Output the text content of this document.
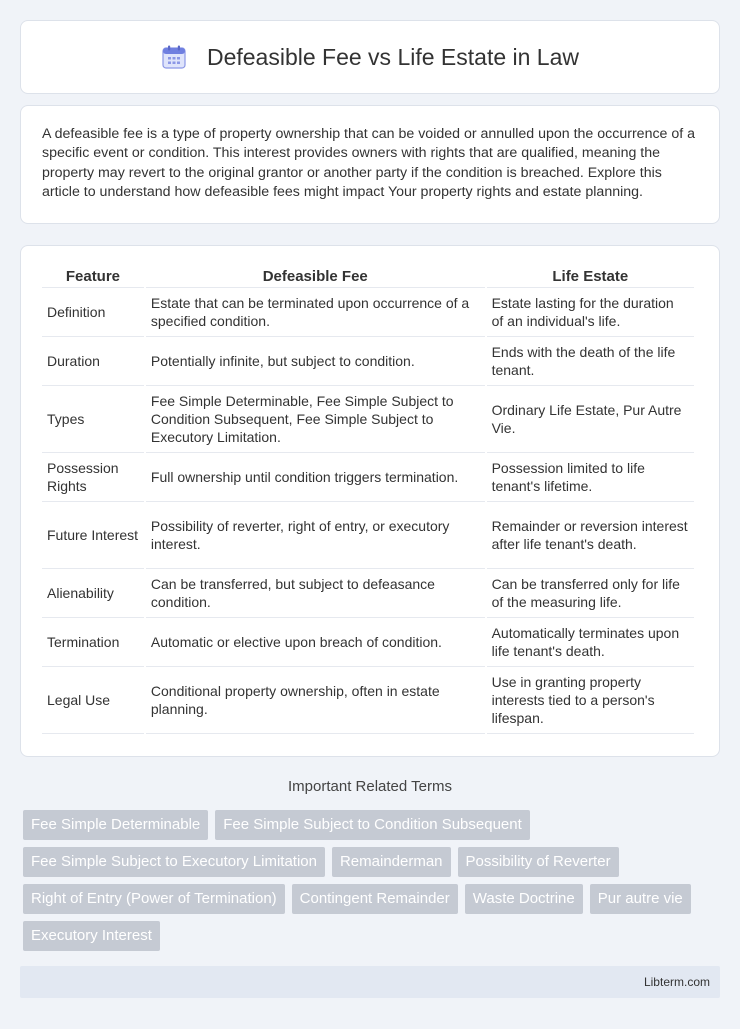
Defeasible Fee vs Life Estate in Law

A defeasible fee is a type of property ownership that can be voided or annulled upon the occurrence of a specific event or condition. This interest provides owners with rights that are qualified, meaning the property may revert to the original grantor or another party if the condition is breached. Explore this article to understand how defeasible fees might impact Your property rights and estate planning.

Feature	Defeasible Fee	Life Estate
Definition	Estate that can be terminated upon occurrence of a specified condition.	Estate lasting for the duration of an individual's life.
Duration	Potentially infinite, but subject to condition.	Ends with the death of the life tenant.
Types	Fee Simple Determinable, Fee Simple Subject to Condition Subsequent, Fee Simple Subject to Executory Limitation.	Ordinary Life Estate, Pur Autre Vie.
Possession Rights	Full ownership until condition triggers termination.	Possession limited to life tenant's lifetime.
Future Interest	Possibility of reverter, right of entry, or executory interest.	Remainder or reversion interest after life tenant's death.
Alienability	Can be transferred, but subject to defeasance condition.	Can be transferred only for life of the measuring life.
Termination	Automatic or elective upon breach of condition.	Automatically terminates upon life tenant's death.
Legal Use	Conditional property ownership, often in estate planning.	Use in granting property interests tied to a person's lifespan.
Important Related Terms
Fee Simple Determinable	Fee Simple Subject to Condition Subsequent
Fee Simple Subject to Executory Limitation	Remainderman	Possibility of Reverter
Right of Entry (Power of Termination)	Contingent Remainder	Waste Doctrine	Pur autre vie
Executory Interest
Libterm.com
